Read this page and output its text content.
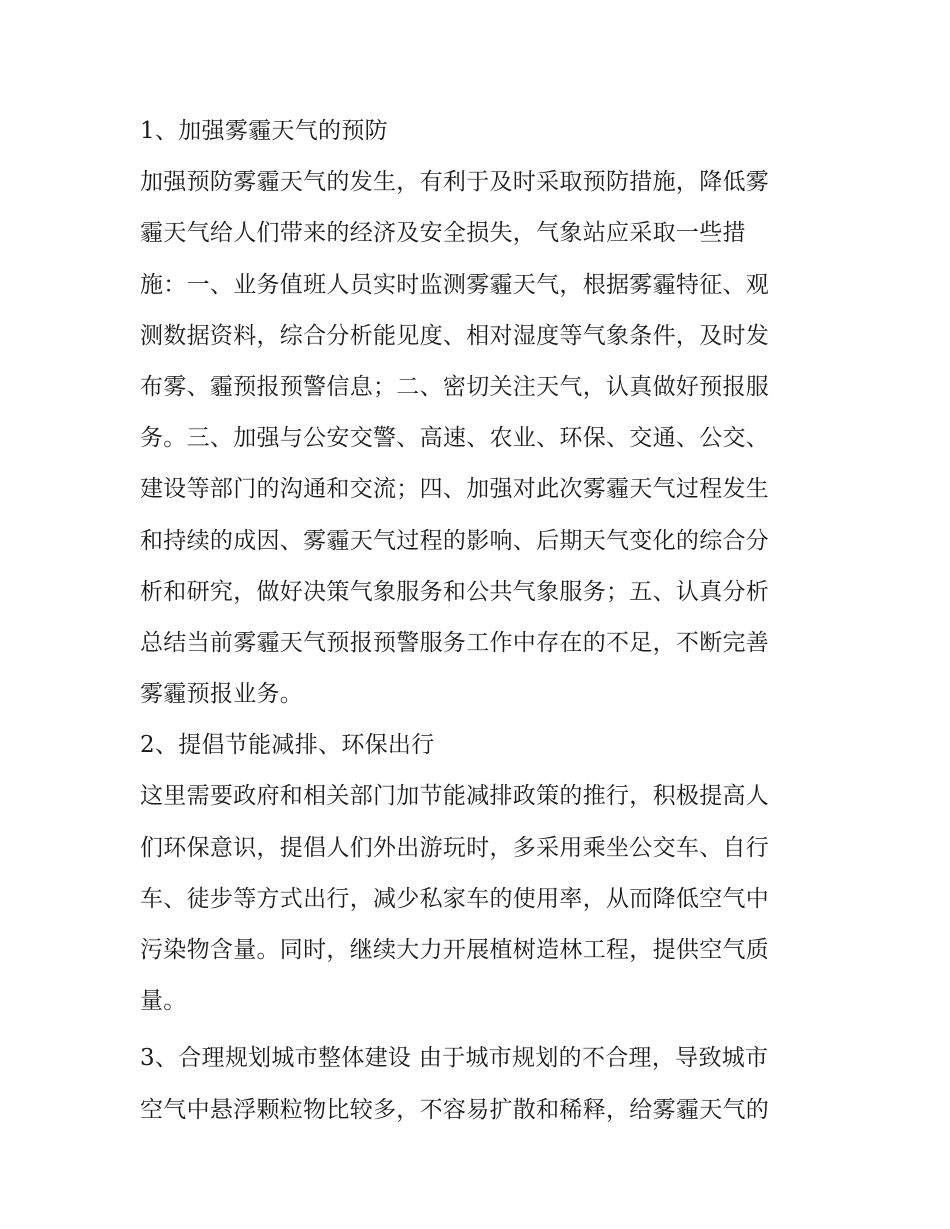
1、加强雾霾天气的预防
加强预防雾霾天气的发生，有利于及时采取预防措施，降低雾
霾天气给人们带来的经济及安全损失，气象站应采取一些措
施：一、业务值班人员实时监测雾霾天气，根据雾霾特征、观
测数据资料，综合分析能见度、相对湿度等气象条件，及时发
布雾、霾预报预警信息；二、密切关注天气，认真做好预报服
务。三、加强与公安交警、高速、农业、环保、交通、公交、
建设等部门的沟通和交流；四、加强对此次雾霾天气过程发生
和持续的成因、雾霾天气过程的影响、后期天气变化的综合分
析和研究，做好决策气象服务和公共气象服务；五、认真分析
总结当前雾霾天气预报预警服务工作中存在的不足，不断完善
雾霾预报业务。
2、提倡节能减排、环保出行
这里需要政府和相关部门加节能减排政策的推行，积极提高人
们环保意识，提倡人们外出游玩时，多采用乘坐公交车、自行
车、徒步等方式出行，减少私家车的使用率，从而降低空气中
污染物含量。同时，继续大力开展植树造林工程，提供空气质
量。
3、合理规划城市整体建设 由于城市规划的不合理，导致城市
空气中悬浮颗粒物比较多，不容易扩散和稀释，给雾霾天气的
